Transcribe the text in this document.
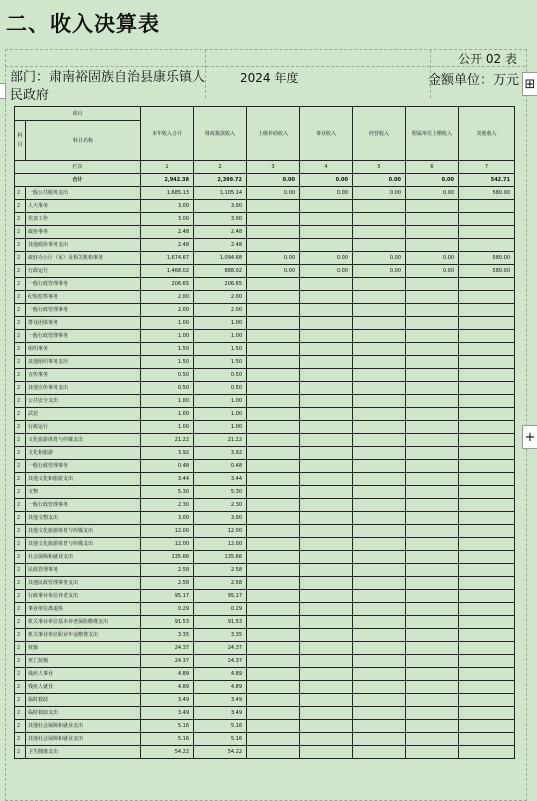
二、收入决算表
公开 02 表
部门：肃南裕固族自治县康乐镇人民政府
2024 年度	金额单位：万元 ⊞
+
项目		本年收入合计	财政拨款收入	上级补助收入	事业收入	经营收入	附属单位上缴收入	其他收入
科目	科目名称							

栏次		1	2	3	4	5	6	7
合计		2,942.38	2,399.72	0.00	0.00	0.00	0.00	542.71
2	一般公共服务支出	1,685.13	1,105.14	0.00	0.00	0.00	0.00	580.00
2	人大事务	3.00	3.00					
2	代表工作	3.00	3.00					
2	政协事务	2.48	2.48					
2	其他政协事务支出	2.48	2.48					
2	政府办公厅（室）及相关机构事务	1,674.67	1,094.68	0.00	0.00	0.00	0.00	580.00
2	行政运行	1,468.02	888.02	0.00	0.00	0.00	0.00	580.00
2	一般行政管理事务	206.65	206.65					
2	纪检监察事务	2.00	2.00					
2	一般行政管理事务	2.00	2.00					
2	群众团体事务	1.00	1.00					
2	一般行政管理事务	1.00	1.00					
2	组织事务	1.50	1.50					
2	其他组织事务支出	1.50	1.50					
2	宣传事务	0.50	0.50					
2	其他宣传事务支出	0.50	0.50					
2	公共安全支出	1.00	1.00					
2	武装	1.00	1.00					
2	行政运行	1.00	1.00					
2	文化旅游体育与传媒支出	21.22	21.22					
2	文化和旅游	3.92	3.92					
2	一般行政管理事务	0.48	0.48					
2	其他文化和旅游支出	3.44	3.44					
2	文物	5.30	5.30					
2	一般行政管理事务	2.30	2.30					
2	其他文物支出	3.00	3.00					
2	其他文化旅游体育与传媒支出	12.00	12.00					
2	其他文化旅游体育与传媒支出	12.00	12.00					
2	社会保障和就业支出	135.66	135.66					
2	民政管理事务	2.58	2.58					
2	其他民政管理事务支出	2.58	2.58					
2	行政事业单位养老支出	95.17	95.17					
2	事业单位离退休	0.29	0.29					
2	机关事业单位基本养老保险缴费支出	91.53	91.53					
2	机关事业单位职业年金缴费支出	3.35	3.35					
2	抚恤	24.37	24.37					
2	死亡抚恤	24.37	24.37					
2	残疾人事业	4.89	4.89					
2	残疾人就业	4.89	4.89					
2	临时救助	3.49	3.49					
2	临时救助支出	3.49	3.49					
2	其他社会保障和就业支出	5.16	5.16					
2	其他社会保障和就业支出	5.16	5.16					
2	卫生健康支出	54.22	54.22					
